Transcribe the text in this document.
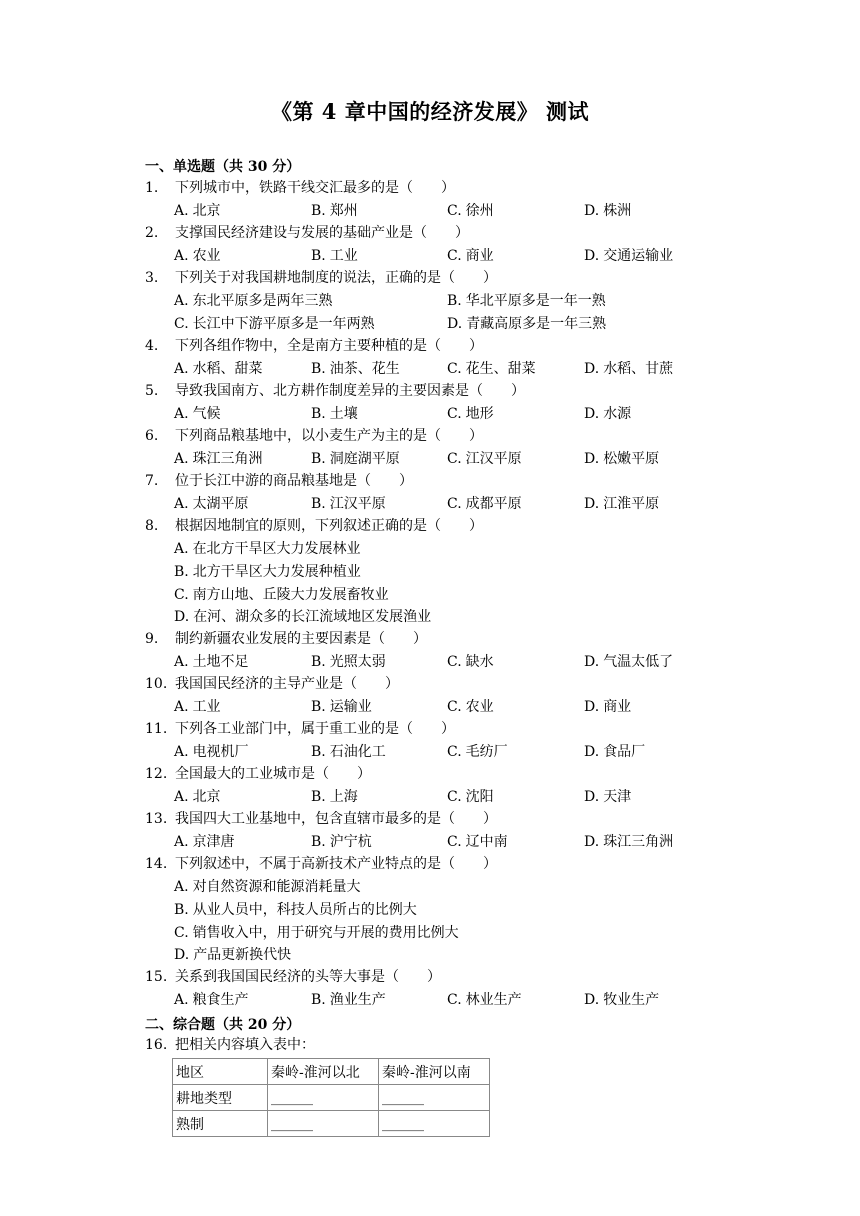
《第 4 章中国的经济发展》 测试
一、单选题（共 30 分）
1. 下列城市中，铁路干线交汇最多的是（　　）
A. 北京	B. 郑州	C. 徐州	D. 株洲
2. 支撑国民经济建设与发展的基础产业是（　　）
A. 农业	B. 工业	C. 商业	D. 交通运输业
3. 下列关于对我国耕地制度的说法，正确的是（　　）
A. 东北平原多是两年三熟	B. 华北平原多是一年一熟
C. 长江中下游平原多是一年两熟	D. 青藏高原多是一年三熟
4. 下列各组作物中，全是南方主要种植的是（　　）
A. 水稻、甜菜	B. 油茶、花生	C. 花生、甜菜	D. 水稻、甘蔗
5. 导致我国南方、北方耕作制度差异的主要因素是（　　）
A. 气候	B. 土壤	C. 地形	D. 水源
6. 下列商品粮基地中，以小麦生产为主的是（　　）
A. 珠江三角洲	B. 洞庭湖平原	C. 江汉平原	D. 松嫩平原
7. 位于长江中游的商品粮基地是（　　）
A. 太湖平原	B. 江汉平原	C. 成都平原	D. 江淮平原
8. 根据因地制宜的原则，下列叙述正确的是（　　）
A. 在北方干旱区大力发展林业
B. 北方干旱区大力发展种植业
C. 南方山地、丘陵大力发展畜牧业
D. 在河、湖众多的长江流域地区发展渔业
9. 制约新疆农业发展的主要因素是（　　）
A. 土地不足	B. 光照太弱	C. 缺水	D. 气温太低了
10. 我国国民经济的主导产业是（　　）
A. 工业	B. 运输业	C. 农业	D. 商业
11. 下列各工业部门中，属于重工业的是（　　）
A. 电视机厂	B. 石油化工	C. 毛纺厂	D. 食品厂
12. 全国最大的工业城市是（　　）
A. 北京	B. 上海	C. 沈阳	D. 天津
13. 我国四大工业基地中，包含直辖市最多的是（　　）
A. 京津唐	B. 沪宁杭	C. 辽中南	D. 珠江三角洲
14. 下列叙述中，不属于高新技术产业特点的是（　　）
A. 对自然资源和能源消耗量大
B. 从业人员中，科技人员所占的比例大
C. 销售收入中，用于研究与开展的费用比例大
D. 产品更新换代快
15. 关系到我国国民经济的头等大事是（　　）
A. 粮食生产	B. 渔业生产	C. 林业生产	D. 牧业生产
二、综合题（共 20 分）
16. 把相关内容填入表中：
地区	秦岭-淮河以北	秦岭-淮河以南
耕地类型	______	______
熟制	______	______
